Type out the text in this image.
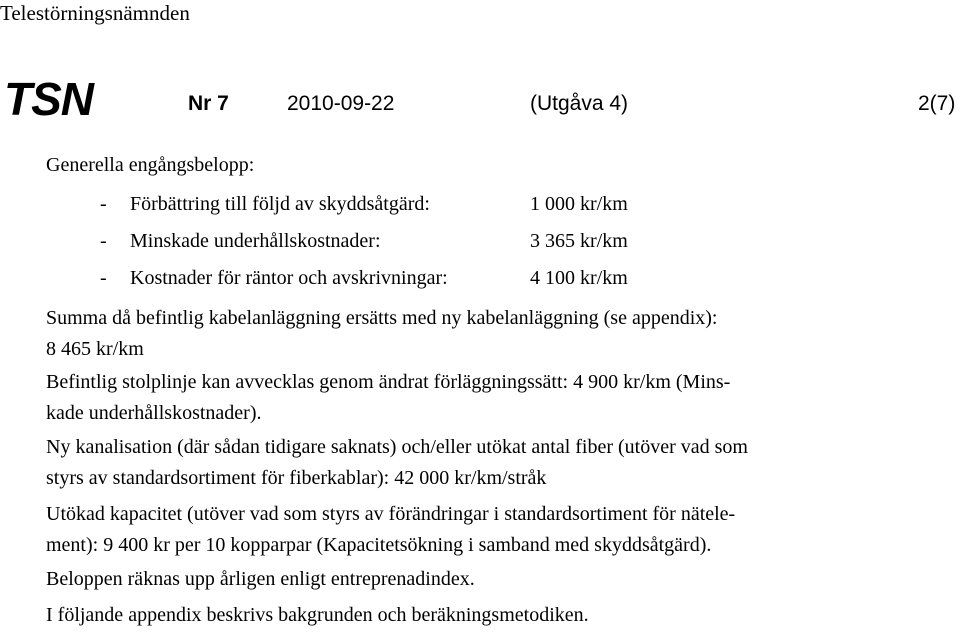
Telestörningsnämnden
TSN	Nr 7	2010-09-22	(Utgåva 4)	2(7)
Generella engångsbelopp:
- Förbättring till följd av skyddsåtgärd:	1 000 kr/km
- Minskade underhållskostnader:	3 365 kr/km
- Kostnader för räntor och avskrivningar:	4 100 kr/km
Summa då befintlig kabelanläggning ersätts med ny kabelanläggning (se appendix):
8 465 kr/km
Befintlig stolplinje kan avvecklas genom ändrat förläggningssätt: 4 900 kr/km (Mins-
kade underhållskostnader).
Ny kanalisation (där sådan tidigare saknats) och/eller utökat antal fiber (utöver vad som
styrs av standardsortiment för fiberkablar): 42 000 kr/km/stråk
Utökad kapacitet (utöver vad som styrs av förändringar i standardsortiment för nätele-
ment): 9 400 kr per 10 kopparpar (Kapacitetsökning i samband med skyddsåtgärd).
Beloppen räknas upp årligen enligt entreprenadindex.
I följande appendix beskrivs bakgrunden och beräkningsmetodiken.
